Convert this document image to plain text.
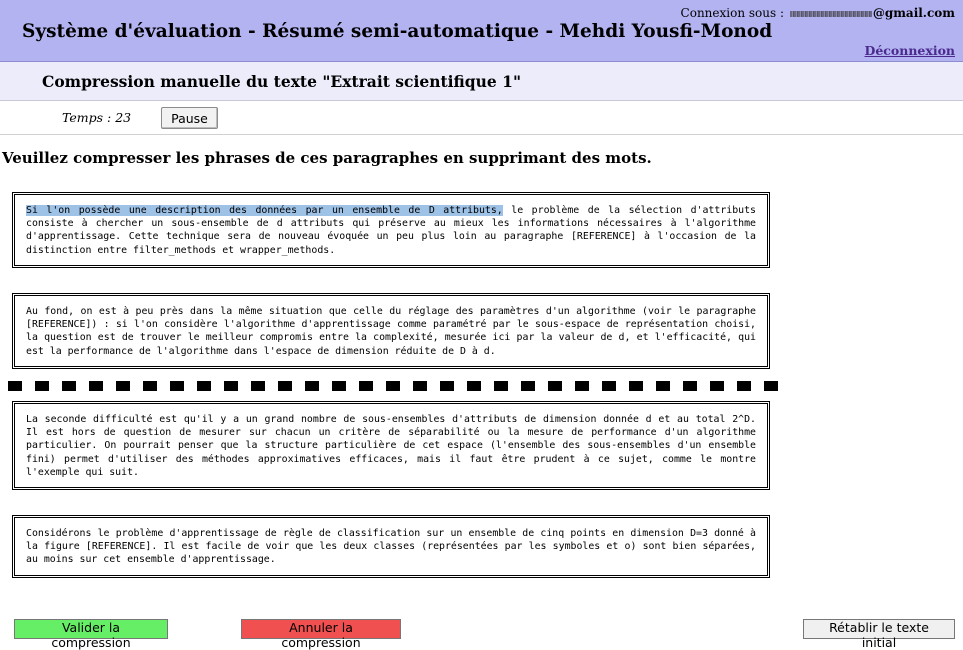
Connexion sous :	@gmail.com
Système d'évaluation - Résumé semi-automatique - Mehdi Yousfi-Monod
Déconnexion
Compression manuelle du texte "Extrait scientifique 1"
Temps : 23	Pause
Veuillez compresser les phrases de ces paragraphes en supprimant des mots.
Si l'on possède une description des données par un ensemble de D attributs, le problème de la sélection d'attributs consiste à chercher un sous-ensemble de d attributs qui préserve au mieux les informations nécessaires à l'algorithme d'apprentissage. Cette technique sera de nouveau évoquée un peu plus loin au paragraphe [REFERENCE] à l'occasion de la distinction entre filter_methods et wrapper_methods.
Au fond, on est à peu près dans la même situation que celle du réglage des paramètres d'un algorithme (voir le paragraphe [REFERENCE]) : si l'on considère l'algorithme d'apprentissage comme paramétré par le sous-espace de représentation choisi, la question est de trouver le meilleur compromis entre la complexité, mesurée ici par la valeur de d, et l'efficacité, qui est la performance de l'algorithme dans l'espace de dimension réduite de D à d.
La seconde difficulté est qu'il y a un grand nombre de sous-ensembles d'attributs de dimension donnée d et au total 2^D. Il est hors de question de mesurer sur chacun un critère de séparabilité ou la mesure de performance d'un algorithme particulier. On pourrait penser que la structure particulière de cet espace (l'ensemble des sous-ensembles d'un ensemble fini) permet d'utiliser des méthodes approximatives efficaces, mais il faut être prudent à ce sujet, comme le montre l'exemple qui suit.
Considérons le problème d'apprentissage de règle de classification sur un ensemble de cinq points en dimension D=3 donné à la figure [REFERENCE]. Il est facile de voir que les deux classes (représentées par les symboles et o) sont bien séparées, au moins sur cet ensemble d'apprentissage.
Valider la compression
Annuler la compression
Rétablir le texte initial
